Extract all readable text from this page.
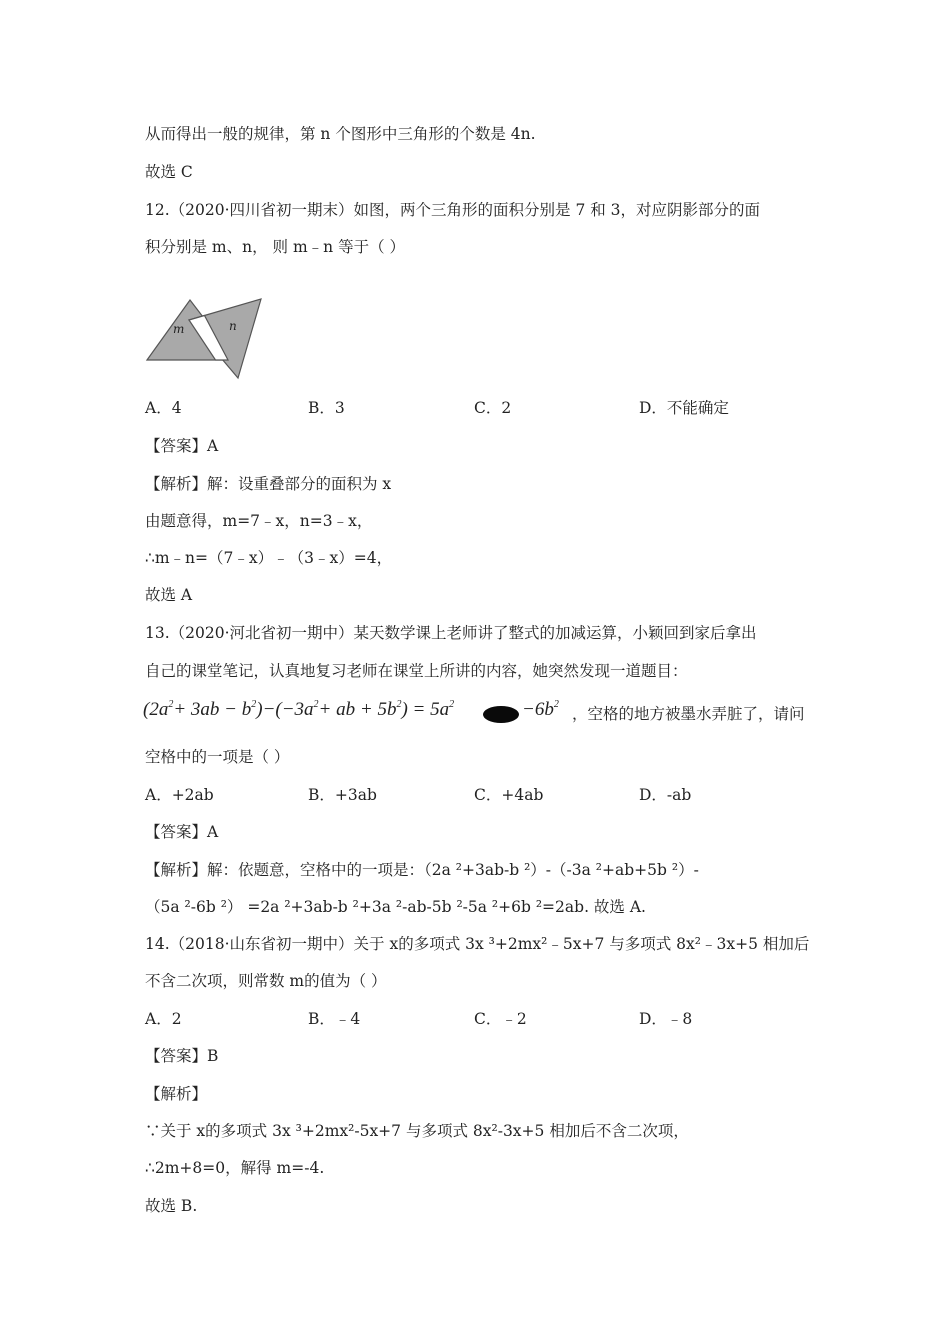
从而得出一般的规律，第 n 个图形中三角形的个数是 4n.
故选 C
12.（2020·四川省初一期末）如图，两个三角形的面积分别是 7 和 3，对应阴影部分的面
积分别是 m、n， 则 m﹣n 等于（ ）
m	n
A．4	B．3	C．2	D．不能确定
【答案】A
【解析】解：设重叠部分的面积为 x
由题意得，m=7﹣x，n=3﹣x，
∴m﹣n=（7﹣x）﹣（3﹣x）=4，
故选 A
13.（2020·河北省初一期中）某天数学课上老师讲了整式的加减运算，小颖回到家后拿出
自己的课堂笔记，认真地复习老师在课堂上所讲的内容，她突然发现一道题目：
$(2a^2+ 3ab - b^2)-(-3a^2+$ ab + $5b^2) = 5a^2$	$-6b^2$
，空格的地方被墨水弄脏了，请问
空格中的一项是（ ）
A．+2ab	B．+3ab	C．+4ab	D．-ab
【答案】A
【解析】解：依题意，空格中的一项是：（2a ²+3ab-b ²）-（-3a ²+ab+5b ²）-
（5a ²-6b ²） =2a ²+3ab-b ²+3a ²-ab-5b ²-5a ²+6b ²=2ab. 故选 A.
14.（2018·山东省初一期中）关于 x的多项式 3x ³+2mx²﹣5x+7 与多项式 8x²﹣3x+5 相加后
不含二次项，则常数 m的值为（ ）
A．2	B．﹣4	C．﹣2	D．﹣8
【答案】B
【解析】
∵关于 x的多项式 3x ³+2mx²-5x+7 与多项式 8x²-3x+5 相加后不含二次项，
∴2m+8=0，解得 m=-4.
故选 B.
